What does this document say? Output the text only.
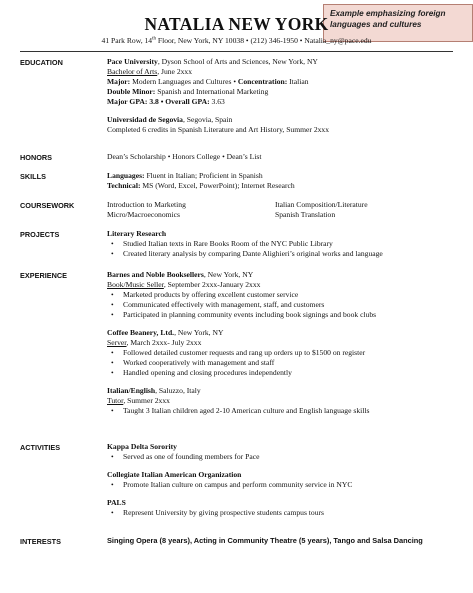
Example emphasizing foreign languages and cultures
NATALIA NEW YORK
41 Park Row, 14th Floor, New York, NY 10038 • (212) 346-1950 • Natalia_ny@pace.edu
EDUCATION	Pace University, Dyson School of Arts and Sciences, New York, NY
Bachelor of Arts, June 2xxx
Major: Modern Languages and Cultures • Concentration: Italian
Double Minor: Spanish and International Marketing
Major GPA: 3.8 • Overall GPA: 3.63
Universidad de Segovia, Segovia, Spain
Completed 6 credits in Spanish Literature and Art History, Summer 2xxx
HONORS	Dean’s Scholarship • Honors College • Dean’s List
SKILLS	Languages: Fluent in Italian; Proficient in Spanish
Technical: MS (Word, Excel, PowerPoint); Internet Research
COURSEWORK	Introduction to Marketing	Italian Composition/Literature
Micro/Macroeconomics	Spanish Translation
PROJECTS	Literary Research
• Studied Italian texts in Rare Books Room of the NYC Public Library
• Created literary analysis by comparing Dante Alighieri’s original works and language
EXPERIENCE	Barnes and Noble Booksellers, New York, NY
Book/Music Seller, September 2xxx-January 2xxx
• Marketed products by offering excellent customer service
• Communicated effectively with management, staff, and customers
• Participated in planning community events including book signings and book clubs
Coffee Beanery, Ltd., New York, NY
Server, March 2xxx- July 2xxx
• Followed detailed customer requests and rang up orders up to $1500 on register
• Worked cooperatively with management and staff
• Handled opening and closing procedures independently
Italian/English, Saluzzo, Italy
Tutor, Summer 2xxx
• Taught 3 Italian children aged 2-10 American culture and English language skills
ACTIVITIES	Kappa Delta Sorority
• Served as one of founding members for Pace
Collegiate Italian American Organization
• Promote Italian culture on campus and perform community service in NYC
PALS
• Represent University by giving prospective students campus tours
INTERESTS	Singing Opera (8 years), Acting in Community Theatre (5 years), Tango and Salsa Dancing
